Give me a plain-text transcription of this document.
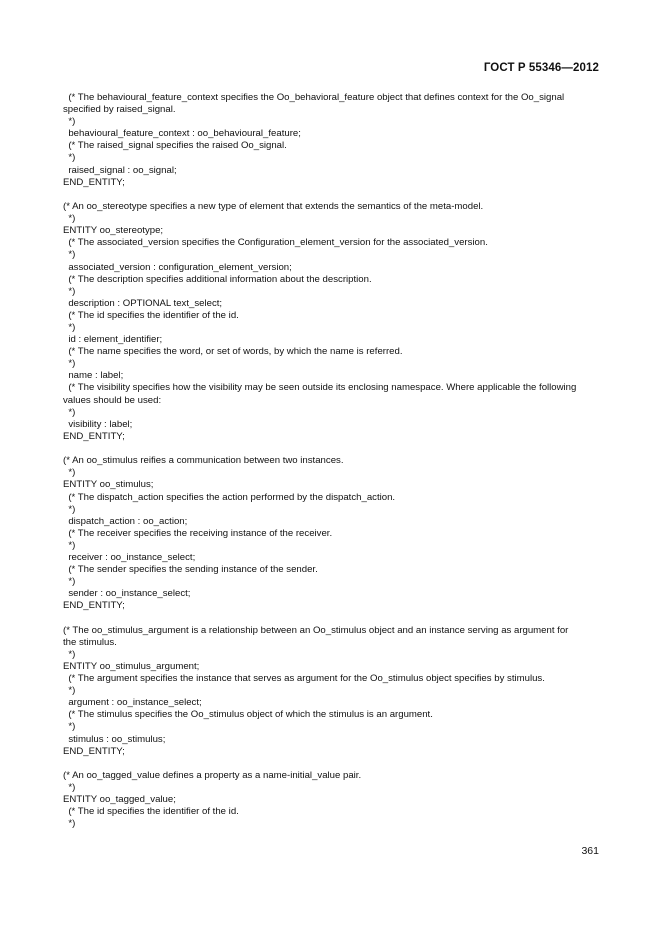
ГОСТ Р 55346—2012
(* The behavioural_feature_context specifies the Oo_behavioral_feature object that defines context for the Oo_signal
specified by raised_signal.
*)
behavioural_feature_context : oo_behavioural_feature;
(* The raised_signal specifies the raised Oo_signal.
*)
raised_signal : oo_signal;
END_ENTITY;
(* An oo_stereotype specifies a new type of element that extends the semantics of the meta-model.
*)
ENTITY oo_stereotype;
(* The associated_version specifies the Configuration_element_version for the associated_version.
*)
associated_version : configuration_element_version;
(* The description specifies additional information about the description.
*)
description : OPTIONAL text_select;
(* The id specifies the identifier of the id.
*)
id : element_identifier;
(* The name specifies the word, or set of words, by which the name is referred.
*)
name : label;
(* The visibility specifies how the visibility may be seen outside its enclosing namespace. Where applicable the following
values should be used:
*)
visibility : label;
END_ENTITY;
(* An oo_stimulus reifies a communication between two instances.
*)
ENTITY oo_stimulus;
(* The dispatch_action specifies the action performed by the dispatch_action.
*)
dispatch_action : oo_action;
(* The receiver specifies the receiving instance of the receiver.
*)
receiver : oo_instance_select;
(* The sender specifies the sending instance of the sender.
*)
sender : oo_instance_select;
END_ENTITY;
(* The oo_stimulus_argument is a relationship between an Oo_stimulus object and an instance serving as argument for
the stimulus.
*)
ENTITY oo_stimulus_argument;
(* The argument specifies the instance that serves as argument for the Oo_stimulus object specifies by stimulus.
*)
argument : oo_instance_select;
(* The stimulus specifies the Oo_stimulus object of which the stimulus is an argument.
*)
stimulus : oo_stimulus;
END_ENTITY;
(* An oo_tagged_value defines a property as a name-initial_value pair.
*)
ENTITY oo_tagged_value;
(* The id specifies the identifier of the id.
*)
361
